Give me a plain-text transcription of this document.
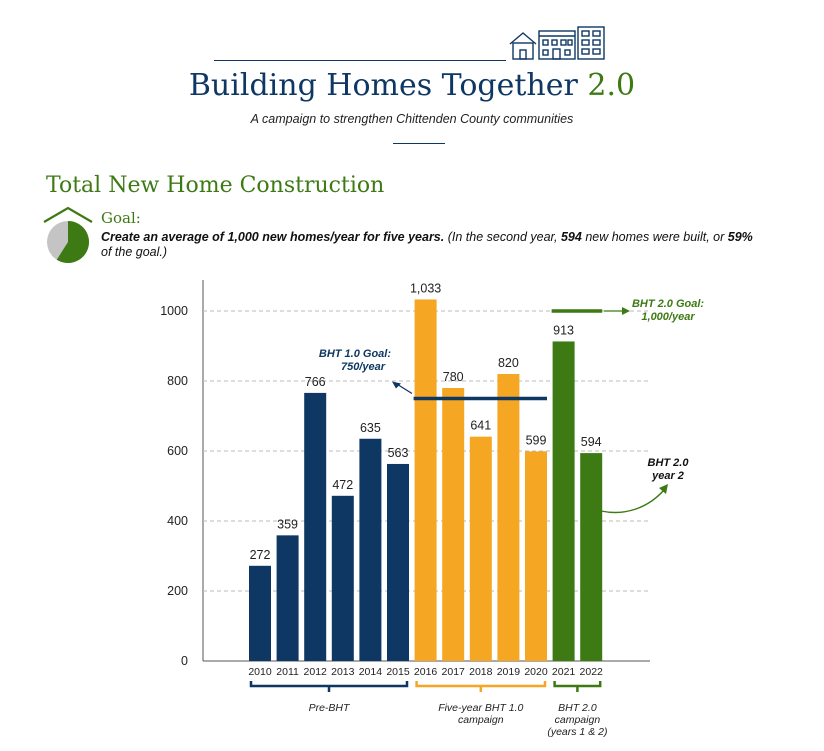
Building Homes Together 2.0
A campaign to strengthen Chittenden County communities
Total New Home Construction
Goal:
Create an average of 1,000 new homes/year for five years. (In the second year, 594 new homes were built, or 59% of the goal.)
0
200
400
600
800
1000
272
2010
359
2011
766
2012
472
2013
635
2014
563
2015
1,033
2016
780
2017
641
2018
820
2019
599
2020
913
2021
594
2022
BHT 1.0 Goal:
750/year
BHT 2.0 Goal:
1,000/year
BHT 2.0
year 2
Pre-BHT	Five-year BHT 1.0
campaign
BHT 2.0
campaign
(years 1 & 2)
